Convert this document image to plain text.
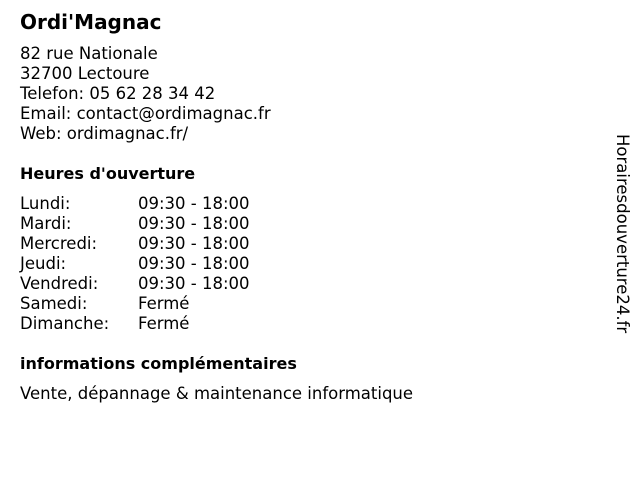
Ordi'Magnac
82 rue Nationale
32700 Lectoure
Telefon: 05 62 28 34 42
Email: contact@ordimagnac.fr
Web: ordimagnac.fr/
Heures d'ouverture
Lundi:	09:30 - 18:00
Mardi:	09:30 - 18:00
Mercredi: 09:30 - 18:00
Jeudi:	09:30 - 18:00
Vendredi: 09:30 - 18:00
Samedi:	Fermé
Dimanche: Fermé
informations complémentaires
Vente, dépannage & maintenance informatique
Horairesdouverture24.fr
